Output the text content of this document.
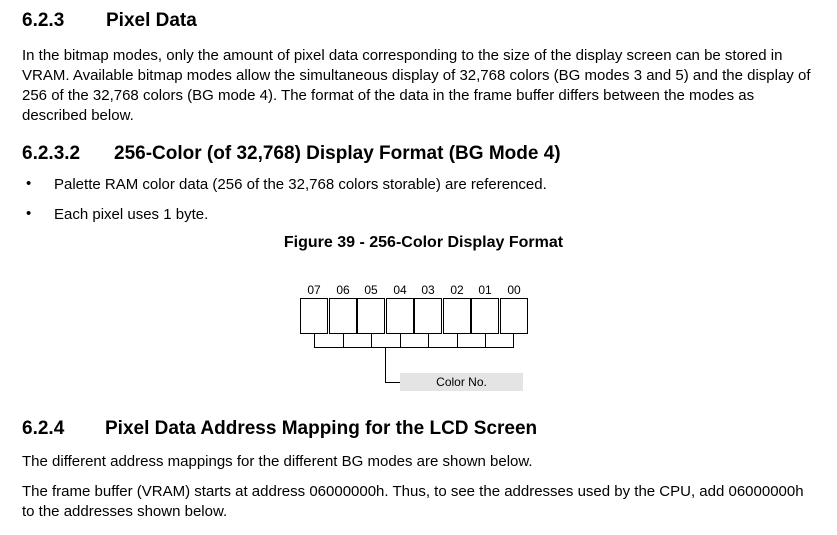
6.2.3 Pixel Data
In the bitmap modes, only the amount of pixel data corresponding to the size of the display screen can be stored in VRAM. Available bitmap modes allow the simultaneous display of 32,768 colors (BG modes 3 and 5) and the display of 256 of the 32,768 colors (BG mode 4). The format of the data in the frame buffer differs between the modes as described below.
6.2.3.2 256-Color (of 32,768) Display Format (BG Mode 4)
• Palette RAM color data (256 of the 32,768 colors storable) are referenced.
• Each pixel uses 1 byte.
Figure 39 - 256-Color Display Format
07	06	05	04	03	02	01	00
Color No.
6.2.4 Pixel Data Address Mapping for the LCD Screen
The different address mappings for the different BG modes are shown below.
The frame buffer (VRAM) starts at address 06000000h. Thus, to see the addresses used by the CPU, add 06000000h to the addresses shown below.
